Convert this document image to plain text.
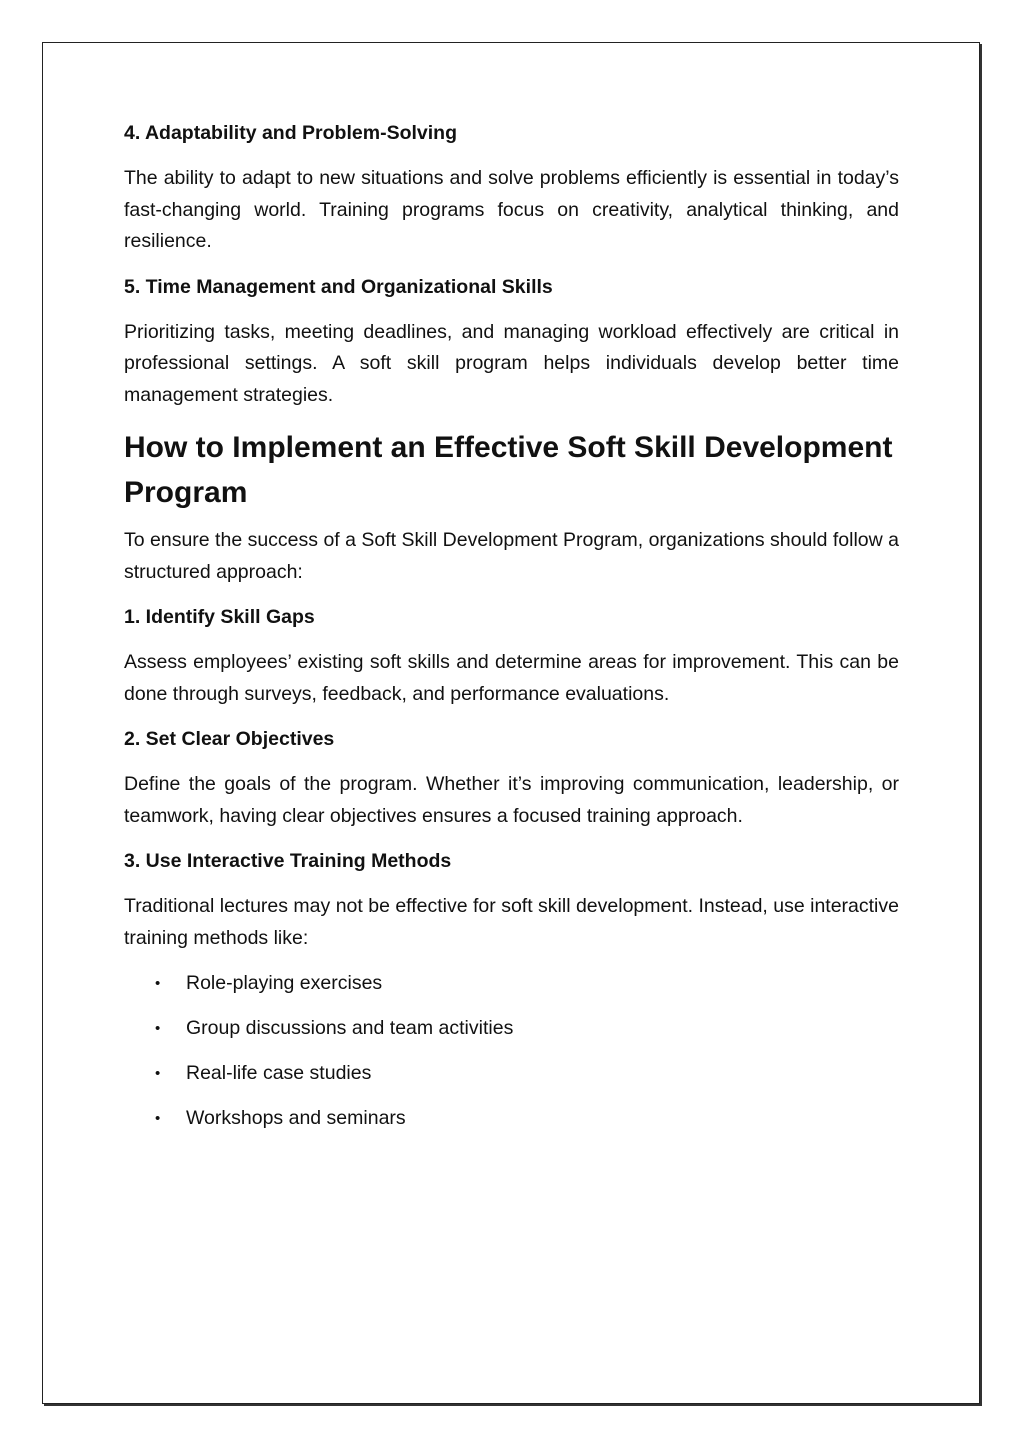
4. Adaptability and Problem-Solving

The ability to adapt to new situations and solve problems efficiently is essential in today’s fast-changing world. Training programs focus on creativity, analytical thinking, and resilience.

5. Time Management and Organizational Skills

Prioritizing tasks, meeting deadlines, and managing workload effectively are critical in professional settings. A soft skill program helps individuals develop better time management strategies.

How to Implement an Effective Soft Skill Development Program

To ensure the success of a Soft Skill Development Program, organizations should follow a structured approach:

1. Identify Skill Gaps

Assess employees’ existing soft skills and determine areas for improvement. This can be done through surveys, feedback, and performance evaluations.

2. Set Clear Objectives

Define the goals of the program. Whether it’s improving communication, leadership, or teamwork, having clear objectives ensures a focused training approach.

3. Use Interactive Training Methods

Traditional lectures may not be effective for soft skill development. Instead, use interactive training methods like:

• Role-playing exercises
• Group discussions and team activities
• Real-life case studies
• Workshops and seminars
